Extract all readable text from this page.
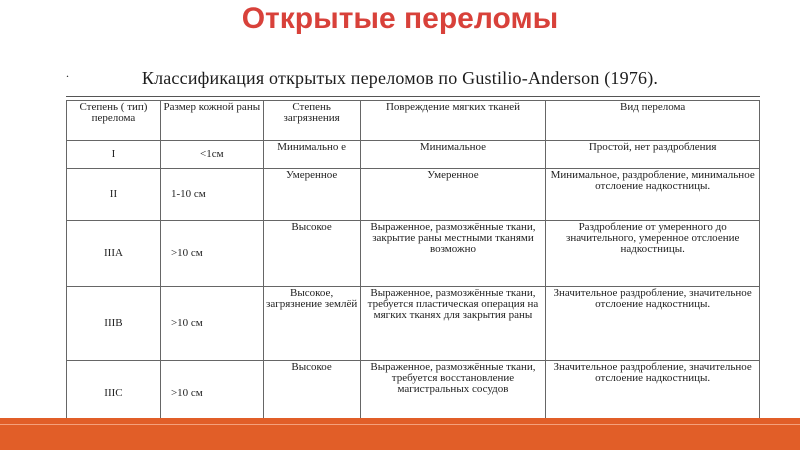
Открытые переломы
.	Классификация открытых переломов по Gustilio-Anderson (1976).
Степень ( тип) перелома	Размер кожной раны	Степень загрязнения	Повреждение мягких тканей	Вид перелома
I	<1см	Минимально е	Минимальное	Простой, нет раздробления
II	1-10 см	Умеренное	Умеренное	Минимальное, раздробление, минимальное отслоение надкостницы.
IIIA	>10 см	Высокое	Выраженное, размозжённые ткани, закрытие раны местными тканями возможно	Раздробление от умеренного до значительного, умеренное отслоение надкостницы.
IIIB	>10 см	Высокое, загрязнение землёй	Выраженное, размозжённые ткани, требуется пластическая операция на мягких тканях для закрытия раны	Значительное раздробление, значительное отслоение надкостницы.
IIIC	>10 см	Высокое	Выраженное, размозжённые ткани, требуется восстановление магистральных сосудов	Значительное раздробление, значительное отслоение надкостницы.
